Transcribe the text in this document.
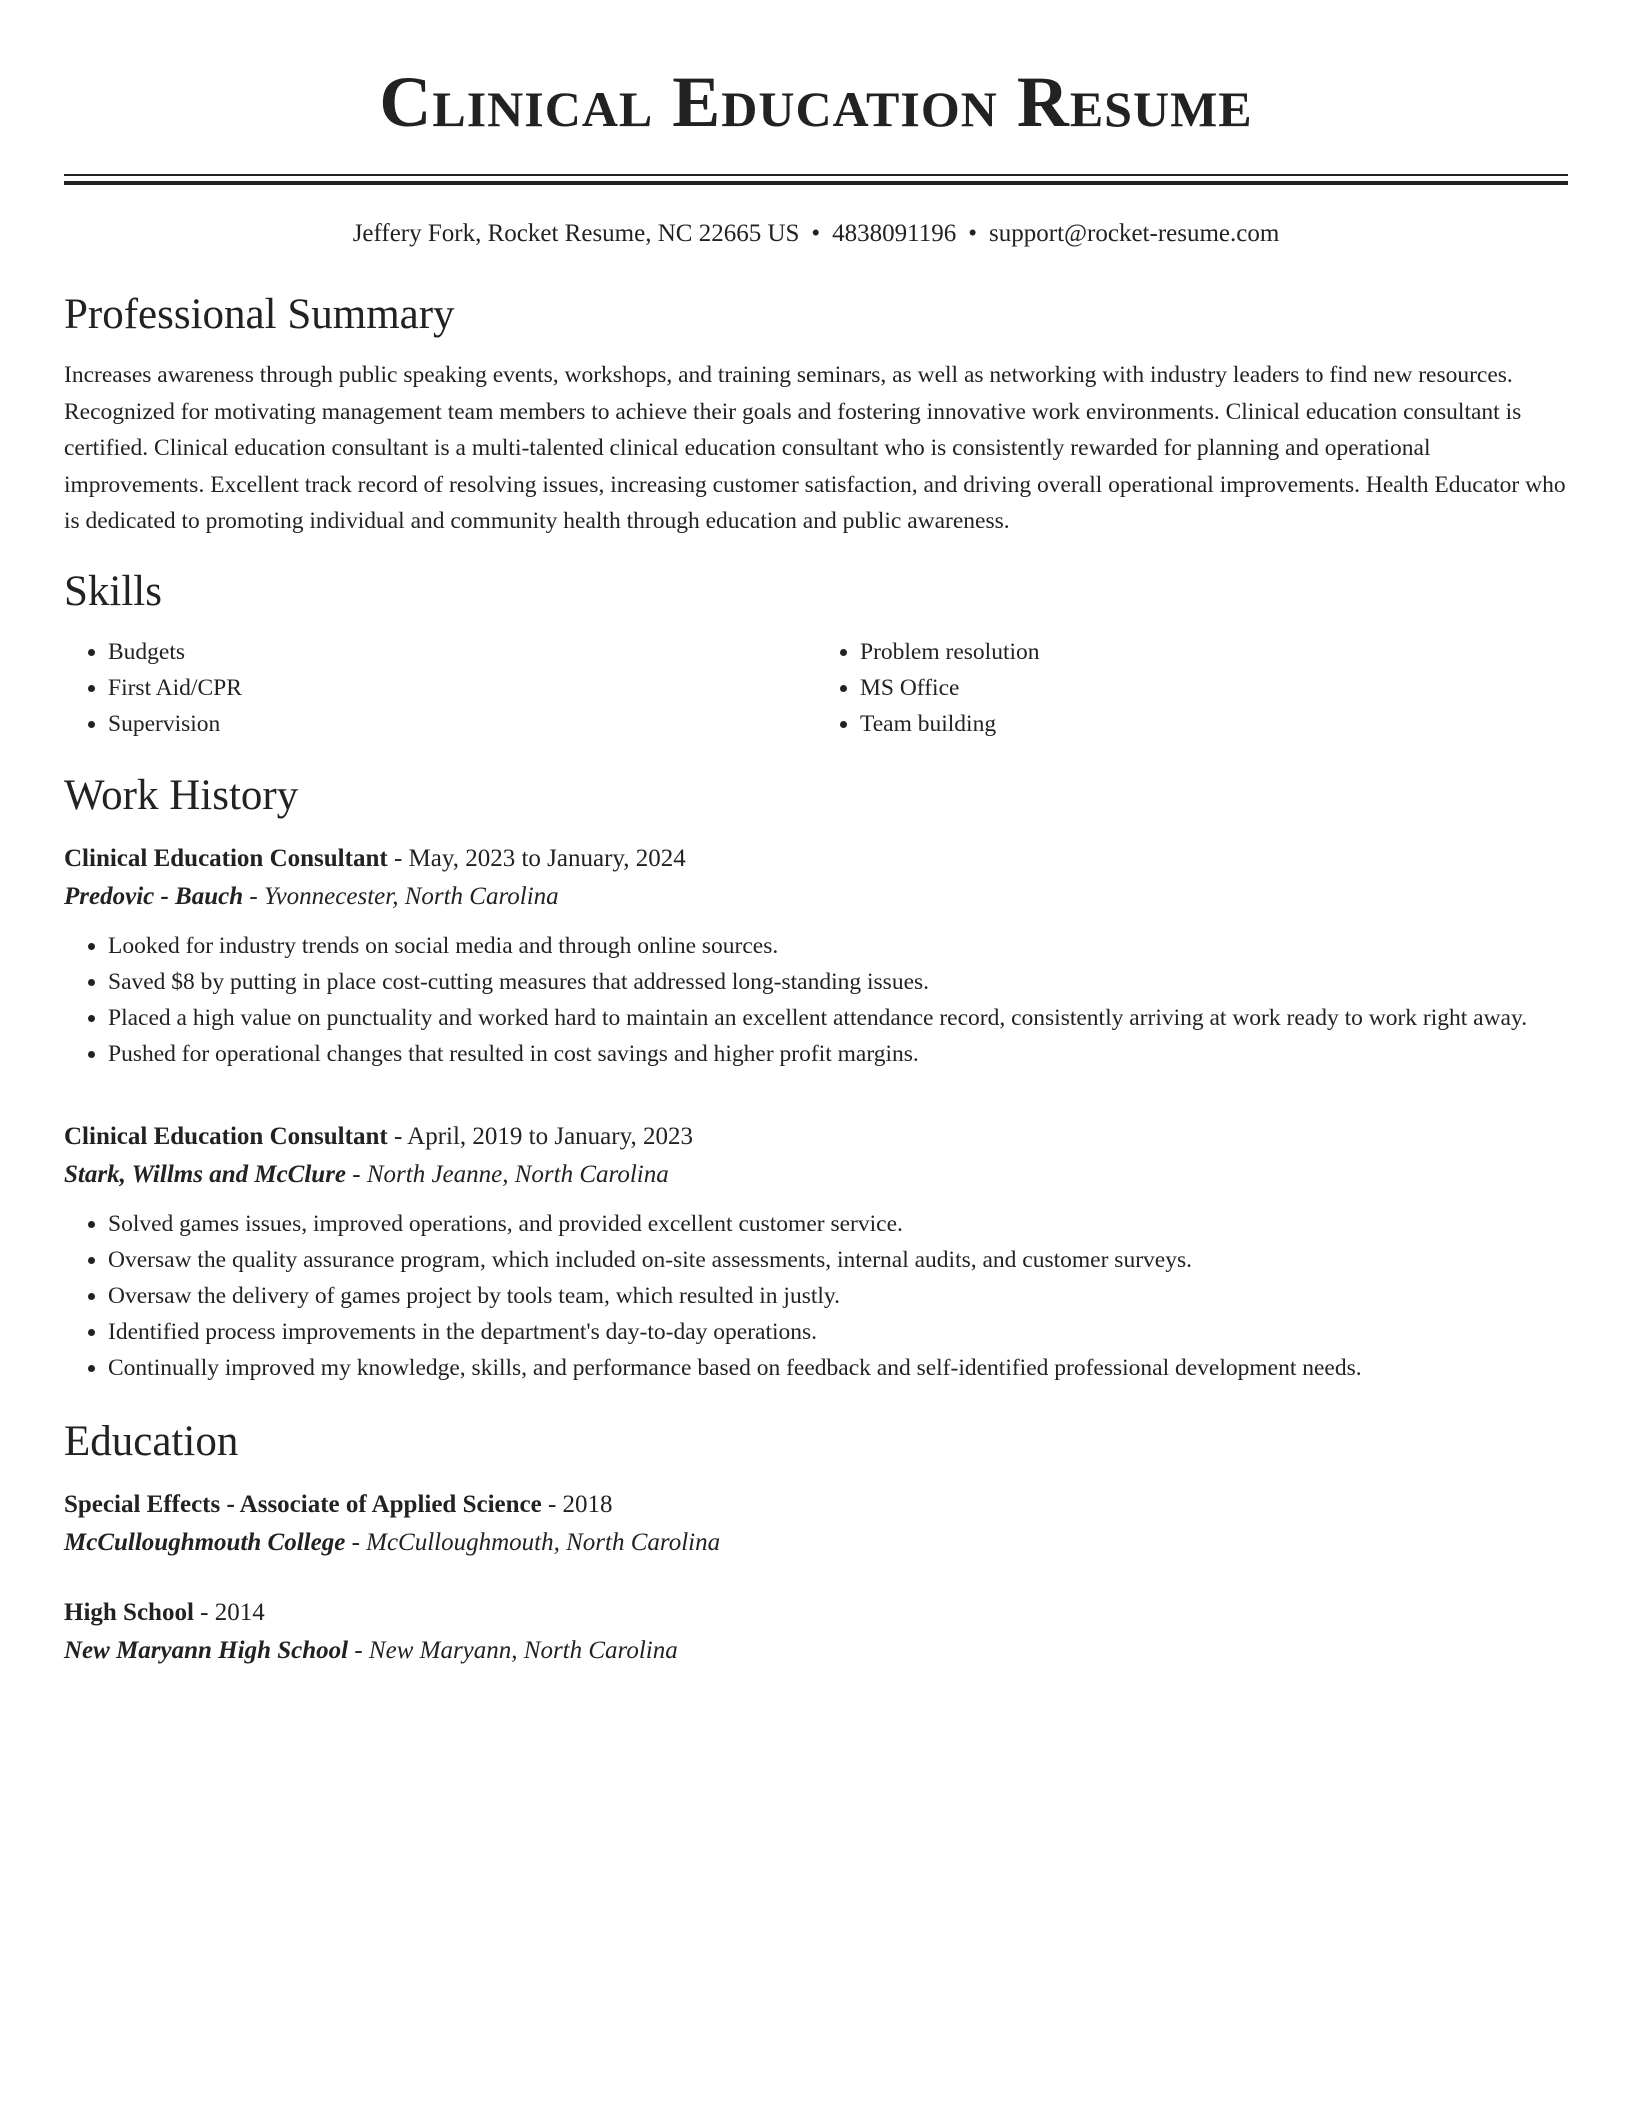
Clinical Education Resume
Jeffery Fork, Rocket Resume, NC 22665 US • 4838091196 • support@rocket-resume.com
Professional Summary

Increases awareness through public speaking events, workshops, and training seminars, as well as networking with industry leaders to find new resources. Recognized for motivating management team members to achieve their goals and fostering innovative work environments. Clinical education consultant is certified. Clinical education consultant is a multi-talented clinical education consultant who is consistently rewarded for planning and operational improvements. Excellent track record of resolving issues, increasing customer satisfaction, and driving overall operational improvements. Health Educator who is dedicated to promoting individual and community health through education and public awareness.

Skills
• Budgets
• First Aid/CPR
• Supervision
• Problem resolution
• MS Office
• Team building
Work History
Clinical Education Consultant - May, 2023 to January, 2024
Predovic - Bauch - Yvonnecester, North Carolina
• Looked for industry trends on social media and through online sources.
• Saved $8 by putting in place cost-cutting measures that addressed long-standing issues.
• Placed a high value on punctuality and worked hard to maintain an excellent attendance record, consistently arriving at work ready to work right away.
• Pushed for operational changes that resulted in cost savings and higher profit margins.
Clinical Education Consultant - April, 2019 to January, 2023
Stark, Willms and McClure - North Jeanne, North Carolina
• Solved games issues, improved operations, and provided excellent customer service.
• Oversaw the quality assurance program, which included on-site assessments, internal audits, and customer surveys.
• Oversaw the delivery of games project by tools team, which resulted in justly.
• Identified process improvements in the department's day-to-day operations.
• Continually improved my knowledge, skills, and performance based on feedback and self-identified professional development needs.
Education
Special Effects - Associate of Applied Science - 2018
McCulloughmouth College - McCulloughmouth, North Carolina
High School - 2014
New Maryann High School - New Maryann, North Carolina
